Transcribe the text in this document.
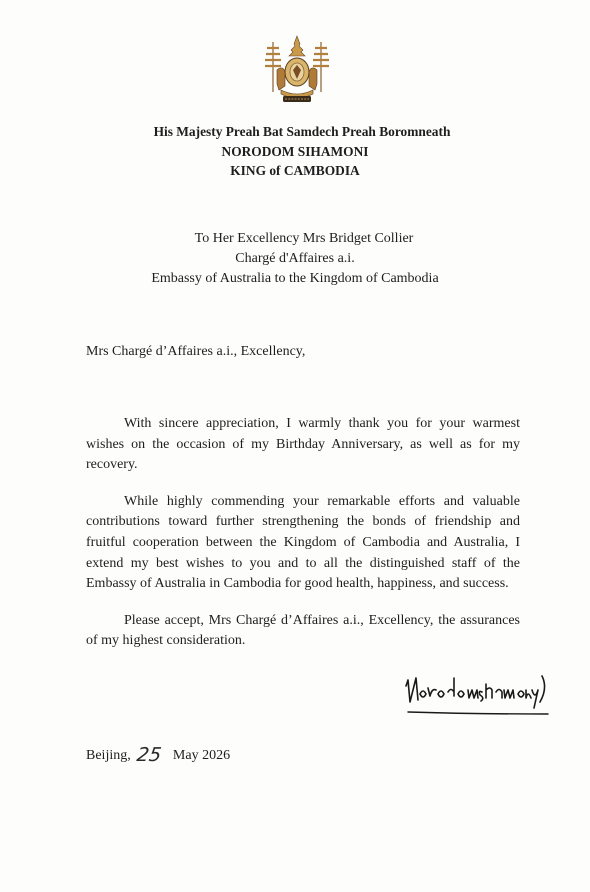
His Majesty Preah Bat Samdech Preah Boromneath
NORODOM SIHAMONI
KING of CAMBODIA
To Her Excellency Mrs Bridget Collier
Chargé d'Affaires a.i.
Embassy of Australia to the Kingdom of Cambodia
Mrs Chargé d’Affaires a.i., Excellency,

With sincere appreciation, I warmly thank you for your warmest wishes on the occasion of my Birthday Anniversary, as well as for my recovery.

While highly commending your remarkable efforts and valuable contributions toward further strengthening the bonds of friendship and fruitful cooperation between the Kingdom of Cambodia and Australia, I extend my best wishes to you and to all the distinguished staff of the Embassy of Australia in Cambodia for good health, happiness, and success.

Please accept, Mrs Chargé d’Affaires a.i., Excellency, the assurances of my highest consideration.

Beijing, 25 May 2026
